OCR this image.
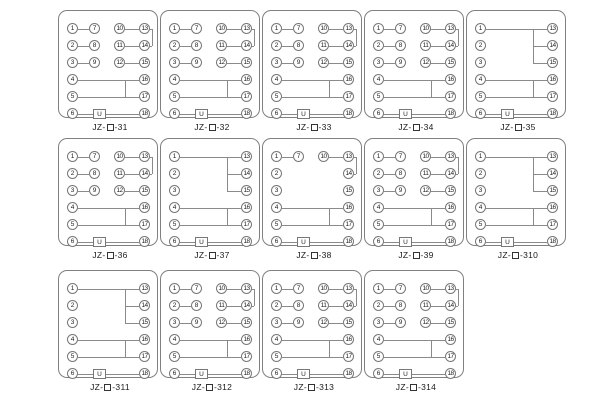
1
2
3
4
5
6
13
14
15
16
17
18
7
8
9
10
11
12
U
JZ- -31
1
2
3
4
5
6
13
14
15
16
17
18
7
8
9
10
11
12
U
JZ- -32
1
2
3
4
5
6
13
14
15
16
17
18
7
8
9
10
11
12
U
JZ- -33
1
2
3
4
5
6
13
14
15
16
17
18
7
8
9
10
11
12
U
JZ- -34
1
2
3
4
5
6
13
14
15
16
17
18
U
JZ- -35
1
2
3
4
5
6
13
14
15
16
17
18
7
8
9
10
11
12
U
JZ- -36
1
2
3
4
5
6
13
14
15
16
17
18
U
JZ- -37
1
2
3
4
5
6
13
14
15
16
17
18
7	10
U
JZ- -38
1
2
3
4
5
6
13
14
15
16
17
18
7
8
9
10
11
12
U
JZ- -39
1
2
3
4
5
6
13
14
15
16
17
18
U
JZ- -310
1
2
3
4
5
6
13
14
15
16
17
18
U
JZ- -311
1
2
3
4
5
6
13
14
15
16
17
18
7
8
9
10
11
12
U
JZ- -312
1
2
3
4
5
6
13
14
15
16
17
18
7
8
9
10
11
12
U
JZ- -313
1
2
3
4
5
6
13
14
15
16
17
18
7
8
9
10
11
12
U
JZ- -314
